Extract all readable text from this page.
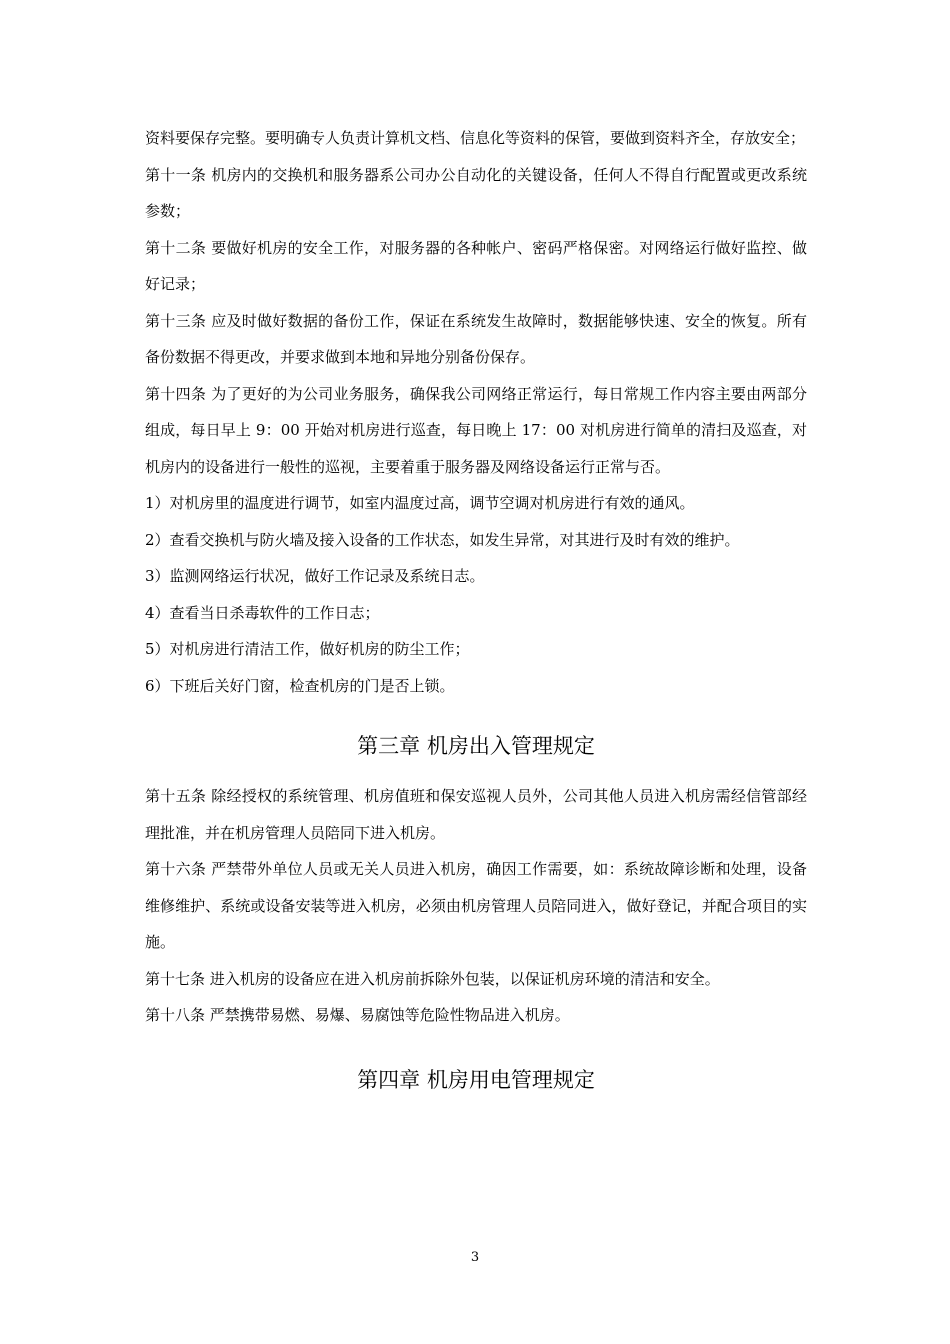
资料要保存完整。要明确专人负责计算机文档、信息化等资料的保管，要做到资料齐全，存放安全；

第十一条 机房内的交换机和服务器系公司办公自动化的关键设备，任何人不得自行配置或更改系统参数；

第十二条 要做好机房的安全工作，对服务器的各种帐户、密码严格保密。对网络运行做好监控、做好记录；

第十三条 应及时做好数据的备份工作，保证在系统发生故障时，数据能够快速、安全的恢复。所有备份数据不得更改，并要求做到本地和异地分别备份保存。

第十四条 为了更好的为公司业务服务，确保我公司网络正常运行，每日常规工作内容主要由两部分组成，每日早上 9：00 开始对机房进行巡查，每日晚上 17：00 对机房进行简单的清扫及巡查，对机房内的设备进行一般性的巡视，主要着重于服务器及网络设备运行正常与否。

1）对机房里的温度进行调节，如室内温度过高，调节空调对机房进行有效的通风。

2）查看交换机与防火墙及接入设备的工作状态，如发生异常，对其进行及时有效的维护。

3）监测网络运行状况，做好工作记录及系统日志。

4）查看当日杀毒软件的工作日志；

5）对机房进行清洁工作，做好机房的防尘工作；

6）下班后关好门窗，检查机房的门是否上锁。

第三章 机房出入管理规定

第十五条 除经授权的系统管理、机房值班和保安巡视人员外，公司其他人员进入机房需经信管部经理批准，并在机房管理人员陪同下进入机房。

第十六条 严禁带外单位人员或无关人员进入机房，确因工作需要，如：系统故障诊断和处理，设备维修维护、系统或设备安装等进入机房，必须由机房管理人员陪同进入，做好登记，并配合项目的实施。

第十七条 进入机房的设备应在进入机房前拆除外包装，以保证机房环境的清洁和安全。

第十八条 严禁携带易燃、易爆、易腐蚀等危险性物品进入机房。

第四章 机房用电管理规定
3
